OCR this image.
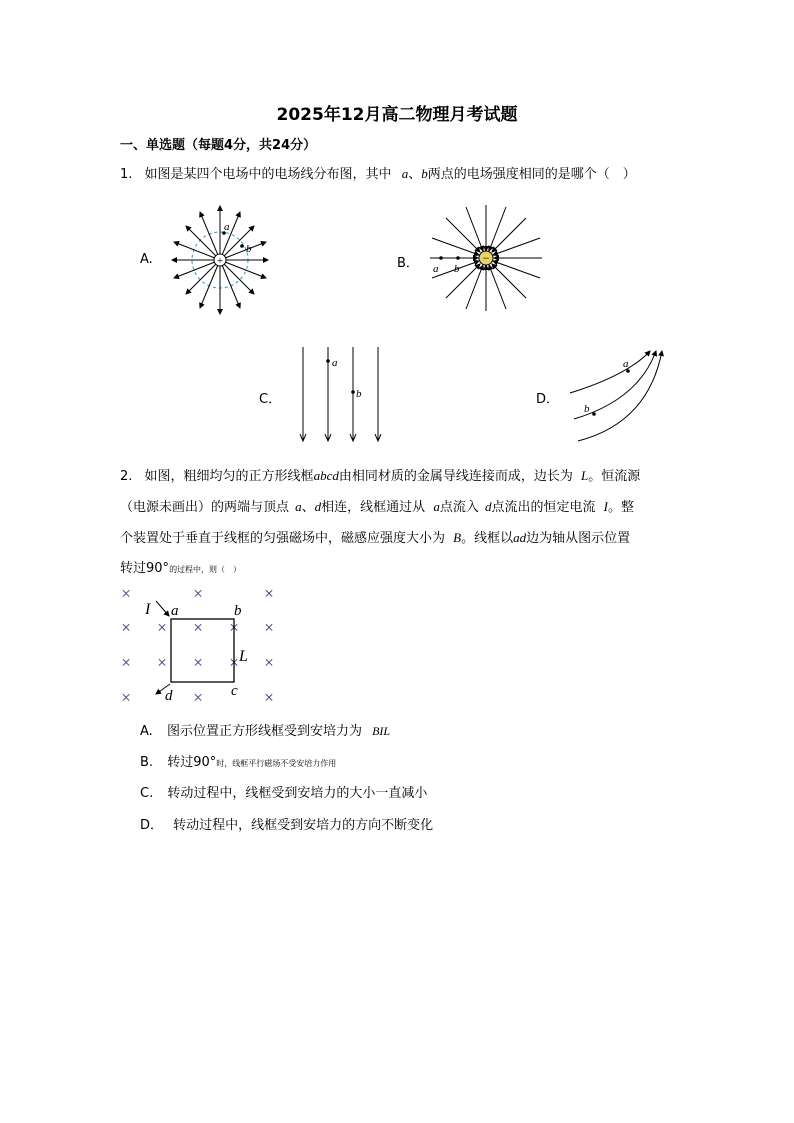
2025年12月高二物理月考试题
一、单选题（每题4分，共24分）
1. 如图是某四个电场中的电场线分布图，其中 a、b两点的电场强度相同的是哪个（　）
A.	B．
C．	D．
+
a
b
−
a b
a
b
a
b
2. 如图，粗细均匀的正方形线框abcd由相同材质的金属导线连接而成，边长为 L。恒流源
（电源未画出）的两端与顶点 a、d相连，线框通过从 a点流入 d点流出的恒定电流 I。整
个装置处于垂直于线框的匀强磁场中，磁感应强度大小为 B。线框以ad边为轴从图示位置
转过90°的过程中，则（　）
×	×	×
× × × × ×
× × × × ×
×	×	×
I a	b
c
d
L
A. 图示位置正方形线框受到安培力为 BIL
B. 转过90°时，线框平行磁场不受安培力作用
C. 转动过程中，线框受到安培力的大小一直减小
D． 转动过程中，线框受到安培力的方向不断变化
